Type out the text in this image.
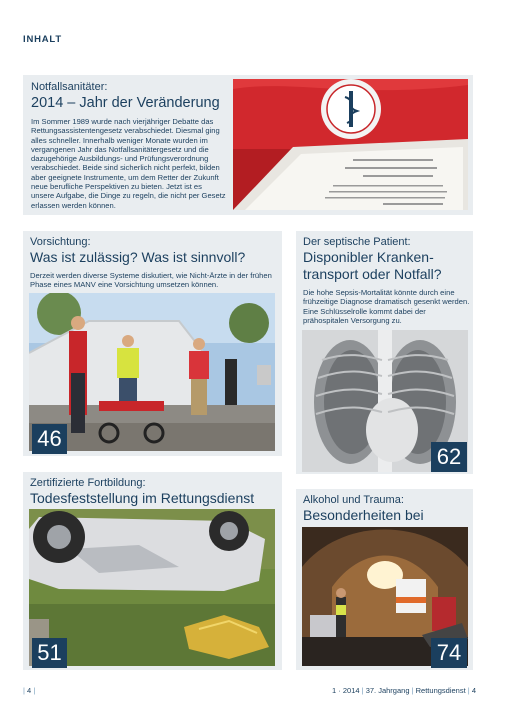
INHALT
Notfallsanitäter:
2014 – Jahr der Veränderung
Im Sommer 1989 wurde nach vierjähriger Debatte das Rettungsassistentengesetz verabschiedet. Diesmal ging alles schneller. Innerhalb weniger Monate wurden im vergangenen Jahr das Notfallsanitätergesetz und die dazugehörige Ausbildungs- und Prüfungsverordnung verabschiedet. Beide sind sicherlich nicht perfekt, bilden aber geeignete Instrumente, um dem Retter der Zukunft neue berufliche Perspektiven zu bieten. Jetzt ist es unsere Aufgabe, die Dinge zu regeln, die nicht per Gesetz erlassen werden können.
Vorsichtung:
Was ist zulässig? Was ist sinnvoll?
Derzeit werden diverse Systeme diskutiert, wie Nicht-Ärzte in der frühen Phase eines MANV eine Vorsichtung umsetzen können.
46
Der septische Patient:
Disponibler Kranken-
transport oder Notfall?
Die hohe Sepsis-Mortalität könnte durch eine frühzeitige Diagnose dramatisch gesenkt werden. Eine Schlüsselrolle kommt dabei der prähospitalen Versorgung zu.
62
Zertifizierte Fortbildung:
Todesfeststellung im Rettungsdienst
51
Alkohol und Trauma:
Besonderheiten bei
74
| 4 |	1 · 2014 | 37. Jahrgang | Rettungsdienst | 4
